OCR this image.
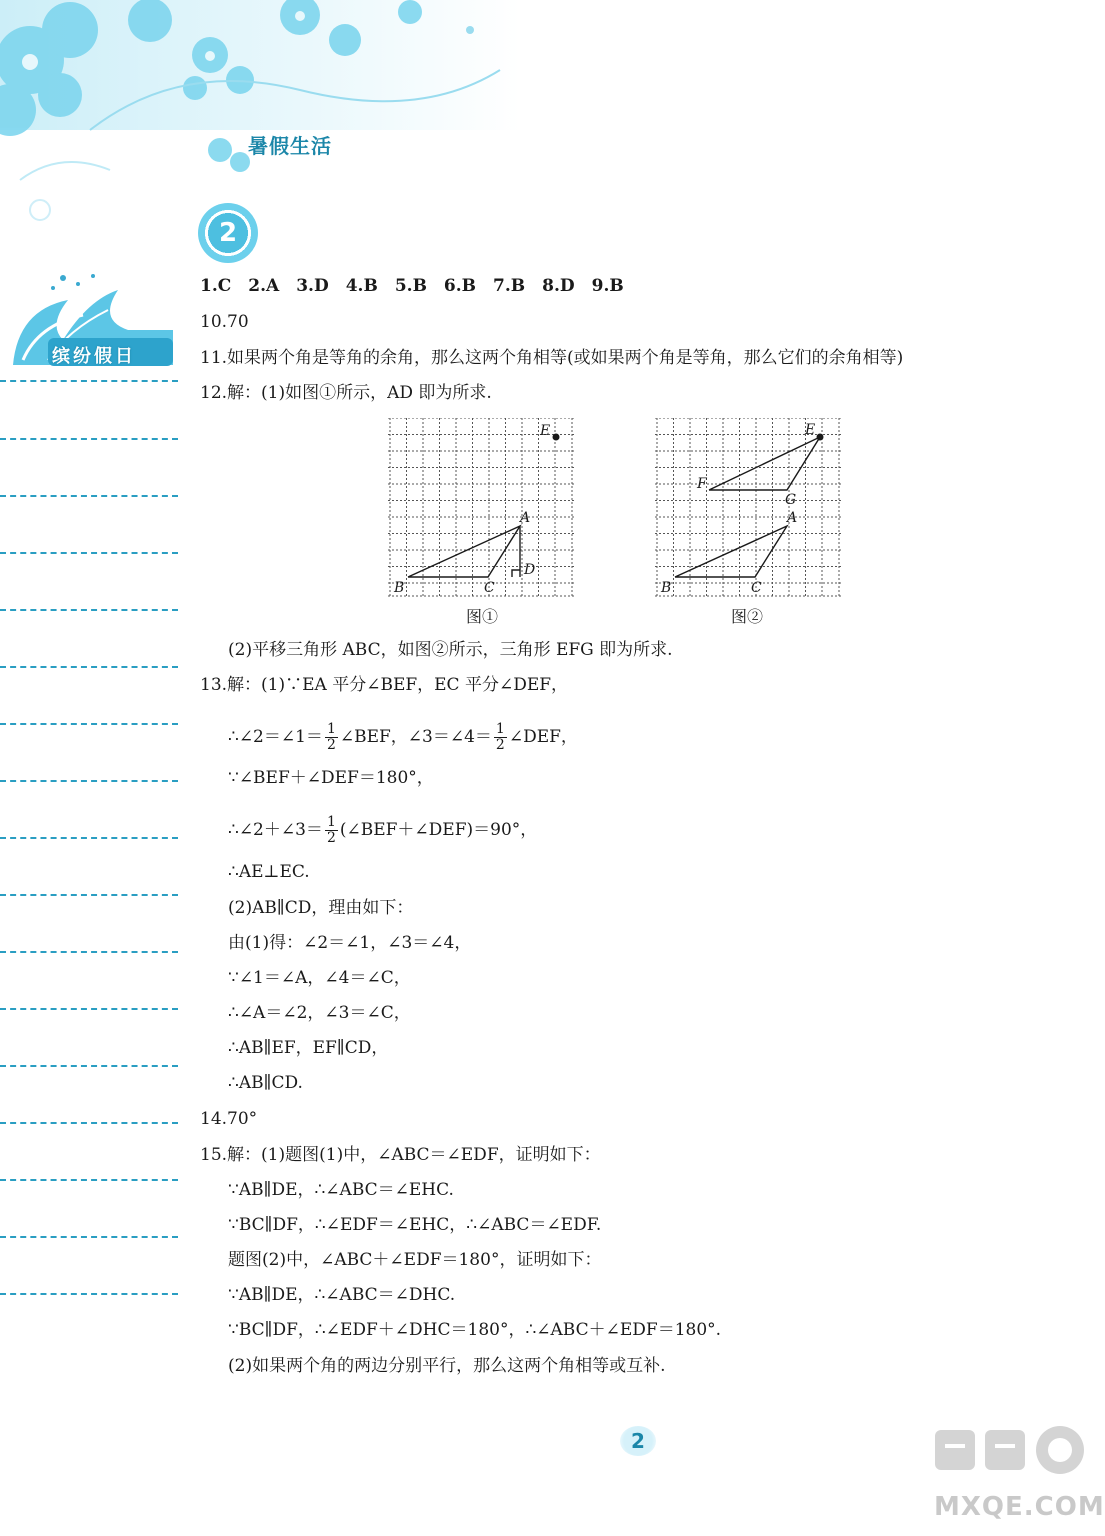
暑假生活
2
缤纷假日
1.C　2.A　3.D　4.B　5.B　6.B　7.B　8.D　9.B
10.70
11.如果两个角是等角的余角，那么这两个角相等(或如果两个角是等角，那么它们的余角相等)
12.解：(1)如图①所示，AD 即为所求.
E
A
B	C
D
图①
E
F
G
A
B	C
图②
(2)平移三角形 ABC，如图②所示，三角形 EFG 即为所求.
13.解：(1)∵EA 平分∠BEF，EC 平分∠DEF，
∴∠2＝∠1＝ $\frac{1}{2}$ ∠BEF，∠3＝∠4＝ $\frac{1}{2}$ ∠DEF，
∵∠BEF＋∠DEF＝180°，
∴∠2＋∠3＝ $\frac{1}{2}$ (∠BEF＋∠DEF)＝90°，
∴AE⊥EC.
(2)AB∥CD，理由如下：
由(1)得：∠2＝∠1，∠3＝∠4，
∵∠1＝∠A，∠4＝∠C，
∴∠A＝∠2，∠3＝∠C，
∴AB∥EF，EF∥CD，
∴AB∥CD.
14.70°
15.解：(1)题图(1)中，∠ABC＝∠EDF，证明如下：
∵AB∥DE，∴∠ABC＝∠EHC.
∵BC∥DF，∴∠EDF＝∠EHC，∴∠ABC＝∠EDF.
题图(2)中，∠ABC＋∠EDF＝180°，证明如下：
∵AB∥DE，∴∠ABC＝∠DHC.
∵BC∥DF，∴∠EDF＋∠DHC＝180°，∴∠ABC＋∠EDF＝180°.
(2)如果两个角的两边分别平行，那么这两个角相等或互补.
2
MXQE.COM
